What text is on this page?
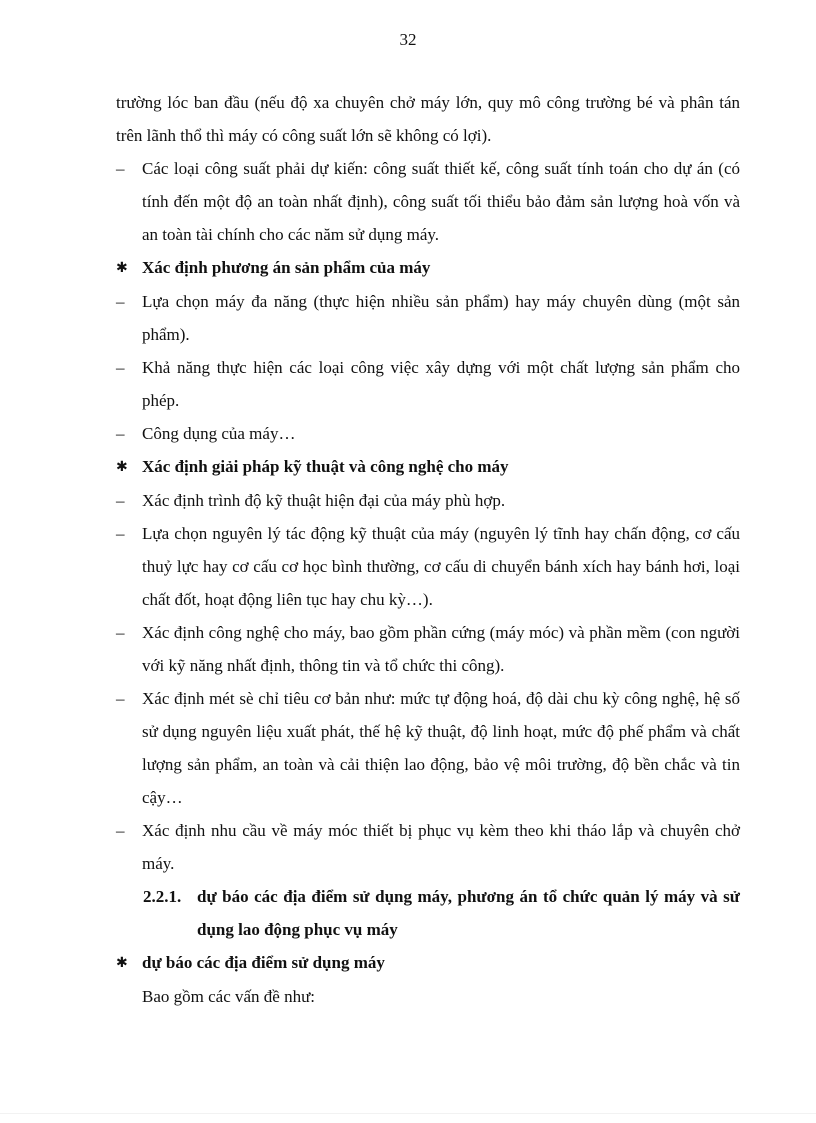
32

trường lóc ban đầu (nếu độ xa chuyên chở máy lớn, quy mô công trường bé và phân tán trên lãnh thổ thì máy có công suất lớn sẽ không có lợi).

–	Các loại công suất phải dự kiến: công suất thiết kế, công suất tính toán cho dự án (có tính đến một độ an toàn nhất định), công suất tối thiểu bảo đảm sản lượng hoà vốn và an toàn tài chính cho các năm sử dụng máy.
✱ Xác định phương án sản phẩm của máy
–	Lựa chọn máy đa năng (thực hiện nhiều sản phẩm) hay máy chuyên dùng (một sản phẩm).
–	Khả năng thực hiện các loại công việc xây dựng với một chất lượng sản phẩm cho phép.
–	Công dụng của máy…
✱ Xác định giải pháp kỹ thuật và công nghệ cho máy
–	Xác định trình độ kỹ thuật hiện đại của máy phù hợp.
–	Lựa chọn nguyên lý tác động kỹ thuật của máy (nguyên lý tĩnh hay chấn động, cơ cấu thuỷ lực hay cơ cấu cơ học bình thường, cơ cấu di chuyển bánh xích hay bánh hơi, loại chất đốt, hoạt động liên tục hay chu kỳ…).
–	Xác định công nghệ cho máy, bao gồm phần cứng (máy móc) và phần mềm (con người với kỹ năng nhất định, thông tin và tổ chức thi công).
–	Xác định mét sè chỉ tiêu cơ bản như: mức tự động hoá, độ dài chu kỳ công nghệ, hệ số sử dụng nguyên liệu xuất phát, thế hệ kỹ thuật, độ linh hoạt, mức độ phế phẩm và chất lượng sản phẩm, an toàn và cải thiện lao động, bảo vệ môi trường, độ bền chắc và tin cậy…
–	Xác định nhu cầu về máy móc thiết bị phục vụ kèm theo khi tháo lắp và chuyên chở máy.
2.2.1. dự báo các địa điểm sử dụng máy, phương án tổ chức quản lý máy và sử dụng lao động phục vụ máy
✱ dự báo các địa điểm sử dụng máy

Bao gồm các vấn đề như:
